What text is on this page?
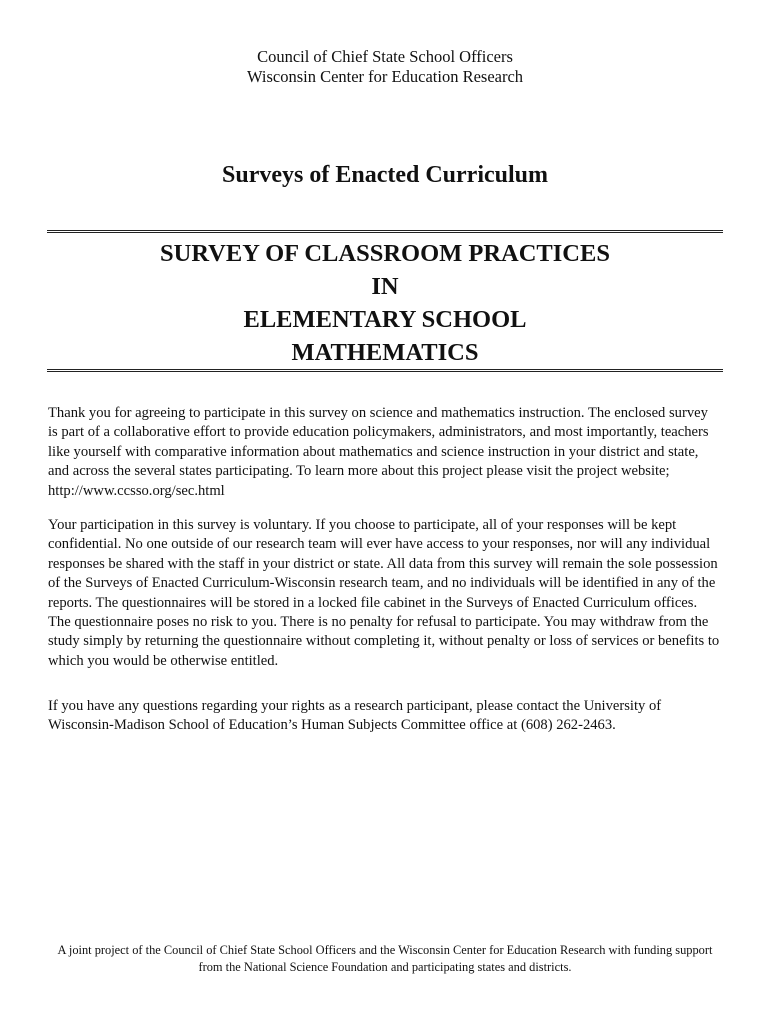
Council of Chief State School Officers
Wisconsin Center for Education Research
Surveys of Enacted Curriculum
SURVEY OF CLASSROOM PRACTICES
IN
ELEMENTARY SCHOOL
MATHEMATICS

Thank you for agreeing to participate in this survey on science and mathematics instruction. The enclosed survey is part of a collaborative effort to provide education policymakers, administrators, and most importantly, teachers like yourself with comparative information about mathematics and science instruction in your district and state, and across the several states participating. To learn more about this project please visit the project website; http://www.ccsso.org/sec.html

Your participation in this survey is voluntary. If you choose to participate, all of your responses will be kept confidential. No one outside of our research team will ever have access to your responses, nor will any individual responses be shared with the staff in your district or state. All data from this survey will remain the sole possession of the Surveys of Enacted Curriculum-Wisconsin research team, and no individuals will be identified in any of the reports. The questionnaires will be stored in a locked file cabinet in the Surveys of Enacted Curriculum offices. The questionnaire poses no risk to you. There is no penalty for refusal to participate. You may withdraw from the study simply by returning the questionnaire without completing it, without penalty or loss of services or benefits to which you would be otherwise entitled.

If you have any questions regarding your rights as a research participant, please contact the University of Wisconsin-Madison School of Education’s Human Subjects Committee office at (608) 262-2463.

A joint project of the Council of Chief State School Officers and the Wisconsin Center for Education Research with funding support
from the National Science Foundation and participating states and districts.
